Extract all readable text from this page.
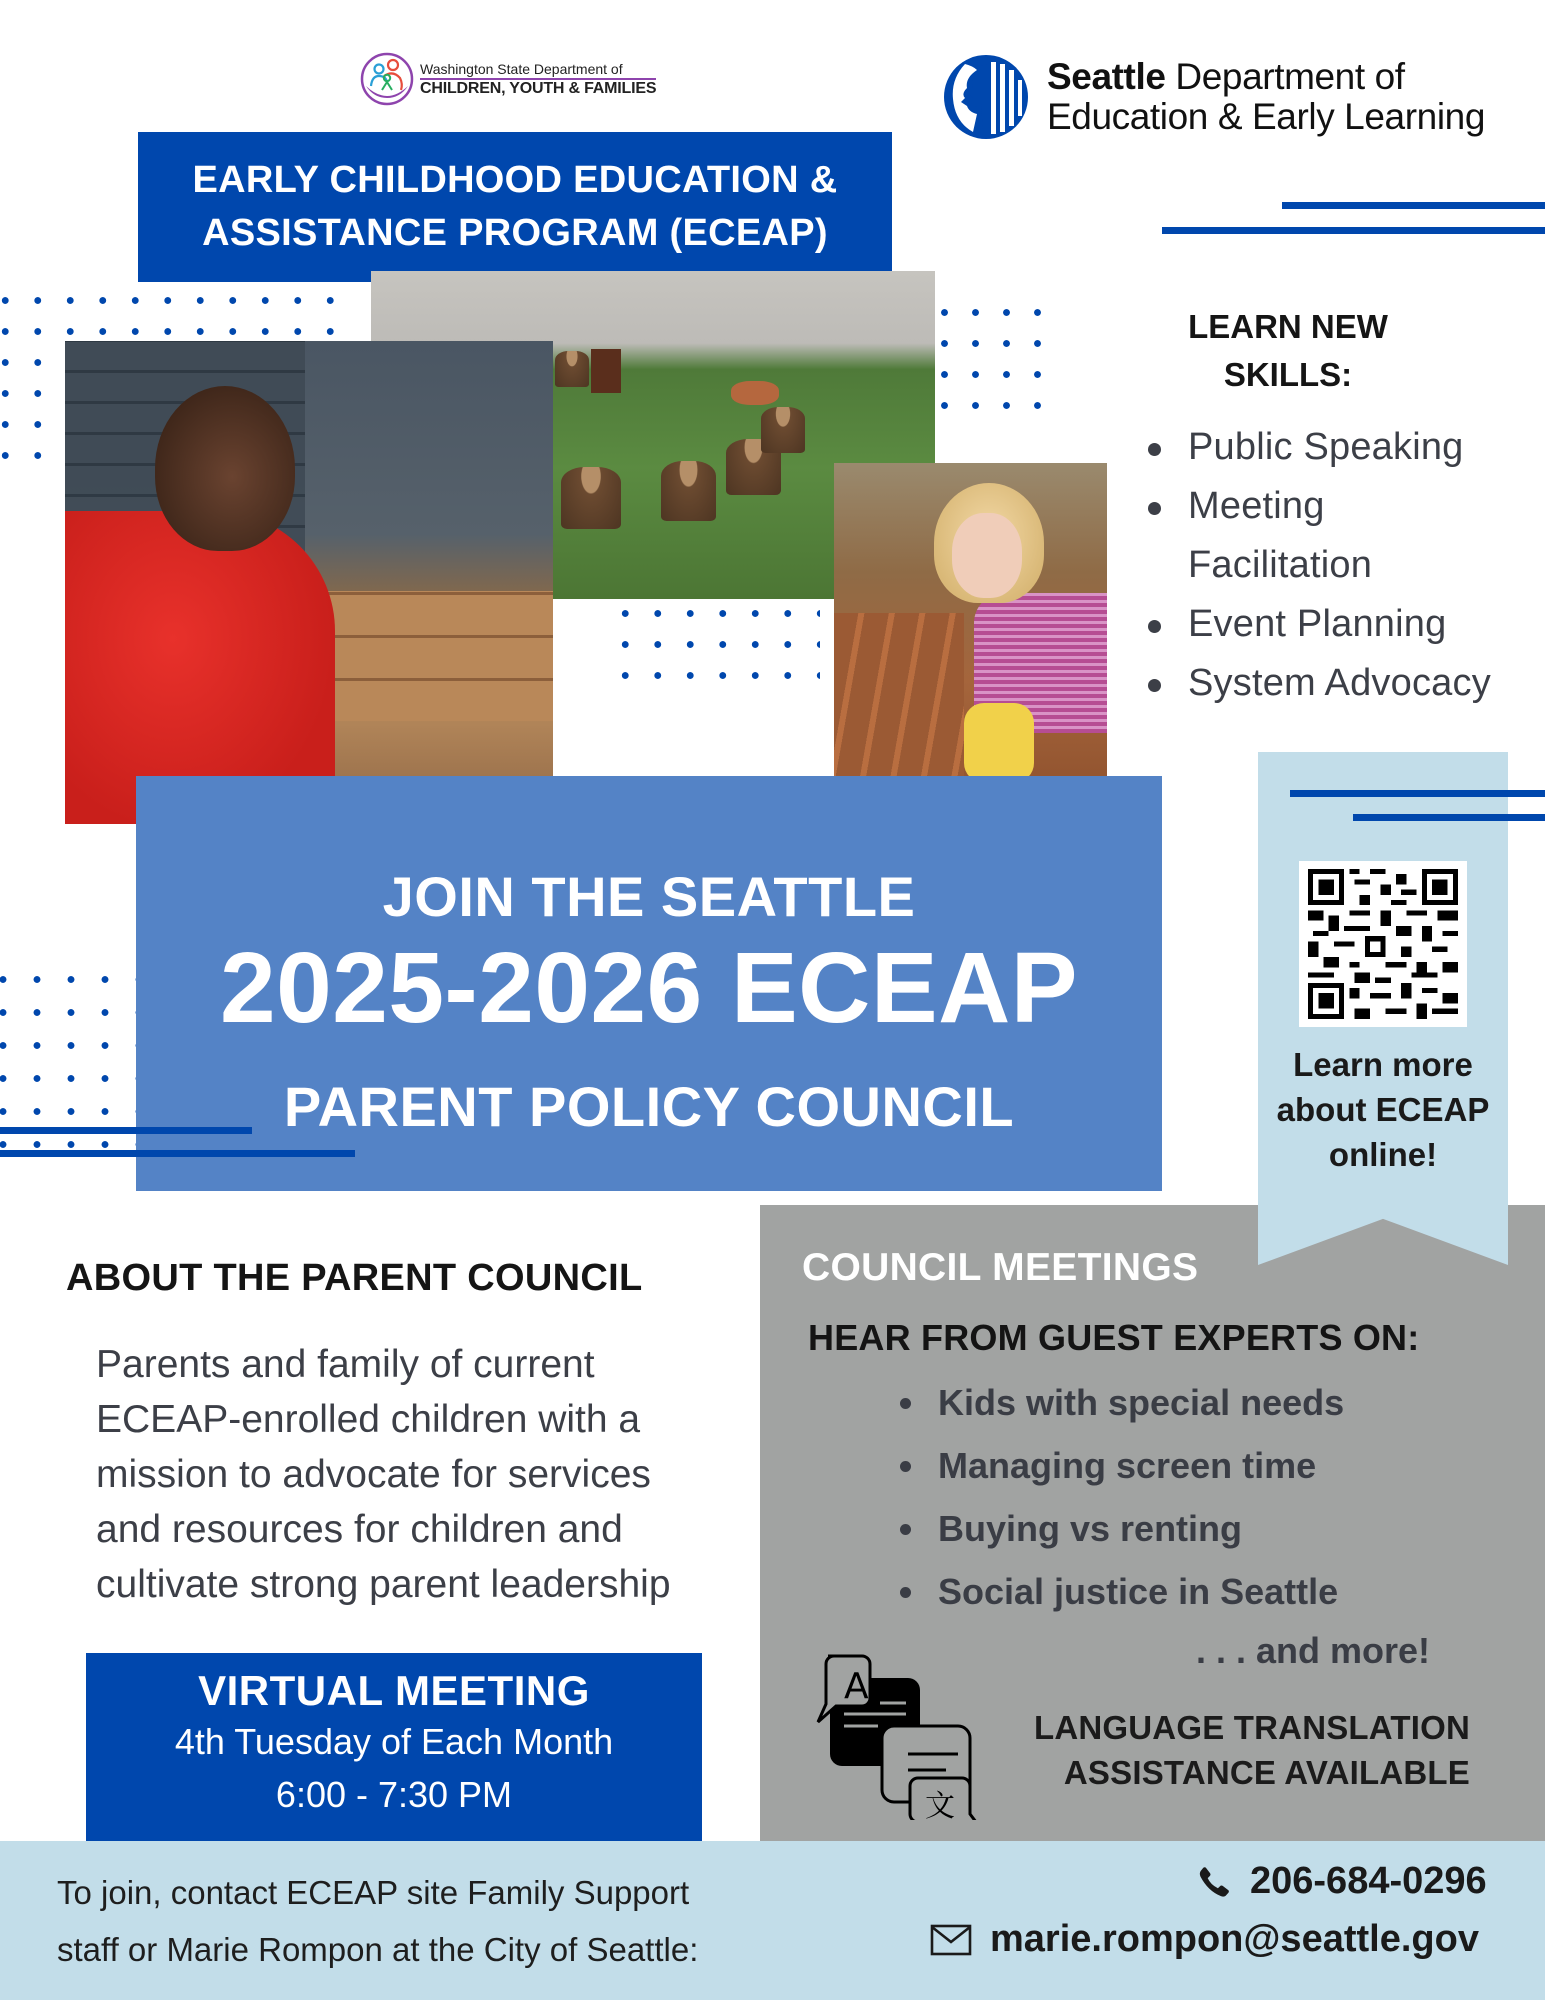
Washington State Department of
CHILDREN, YOUTH & FAMILIES	Seattle Department of
Education & Early Learning
EARLY CHILDHOOD EDUCATION &
ASSISTANCE PROGRAM (ECEAP)
JOIN THE SEATTLE
2025-2026 ECEAP
PARENT POLICY COUNCIL
LEARN NEW
SKILLS:
Public Speaking
Meeting
Facilitation
Event Planning
System Advocacy
Learn more
about ECEAP
online!
ABOUT THE PARENT COUNCIL
Parents and family of current
ECEAP-enrolled children with a
mission to advocate for services
and resources for children and
cultivate strong parent leadership
VIRTUAL MEETING
4th Tuesday of Each Month
6:00 - 7:30 PM
COUNCIL MEETINGS
HEAR FROM GUEST EXPERTS ON:
Kids with special needs
Managing screen time
Buying vs renting
Social justice in Seattle
. . . and more!
A
文
LANGUAGE TRANSLATION
ASSISTANCE AVAILABLE
To join, contact ECEAP site Family Support
staff or Marie Rompon at the City of Seattle:
206-684-0296
marie.rompon@seattle.gov
